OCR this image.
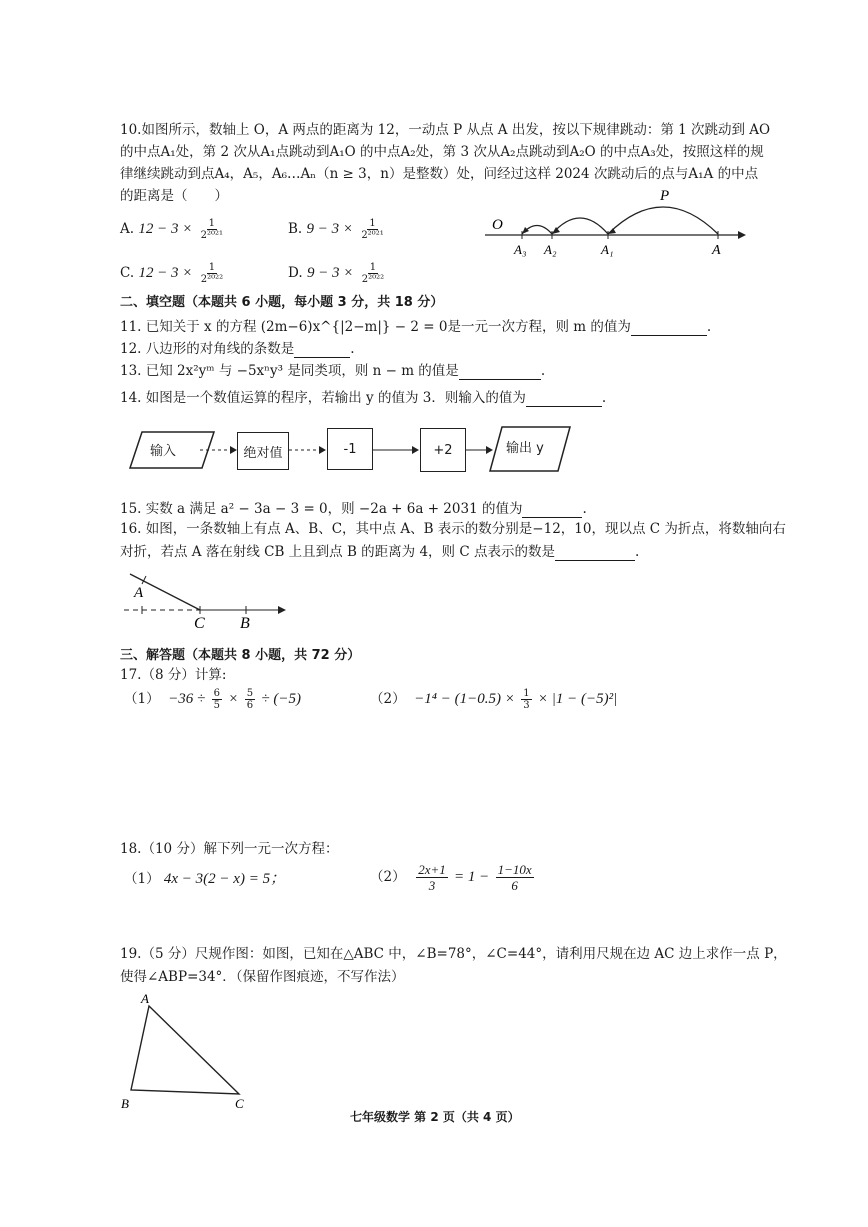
10.如图所示，数轴上 O，A 两点的距离为 12，一动点 P 从点 A 出发，按以下规律跳动：第 1 次跳动到 AO
的中点A₁处，第 2 次从A₁点跳动到A₁O 的中点A₂处，第 3 次从A₂点跳动到A₂O 的中点A₃处，按照这样的规
律继续跳动到点A₄，A₅，A₆…Aₙ（n ≥ 3，n）是整数）处，问经过这样 2024 次跳动后的点与A₁A 的中点
的距离是（　　）
A. $12 - 3 \times \frac{1}{\text{2²⁰²¹}}$	B. $9 - 3 \times \frac{1}{\text{2²⁰²¹}}$
C. $12 - 3 \times \frac{1}{\text{2²⁰²²}}$	D. $9 - 3 \times \frac{1}{\text{2²⁰²²}}$
O
P
A₃ A₂	A₁	A
二、填空题（本题共 6 小题，每小题 3 分，共 18 分）
11. 已知关于 x 的方程 (2m−6)x^{|2−m|} − 2 = 0是一元一次方程，则 m 的值为	.
12. 八边形的对角线的条数是	.
13. 已知 2x²yᵐ 与 −5xⁿy³ 是同类项，则 n − m 的值是	.
14. 如图是一个数值运算的程序，若输出 y 的值为 3．则输入的值为	.
输入	绝对值	-1	+2	输出 y
15. 实数 a 满足 a² − 3a − 3 = 0，则 −2a + 6a + 2031 的值为	.
16. 如图，一条数轴上有点 A、B、C，其中点 A、B 表示的数分别是−12，10，现以点 C 为折点，将数轴向右
对折，若点 A 落在射线 CB 上且到点 B 的距离为 4，则 C 点表示的数是	.
A
C B
三、解答题（本题共 8 小题，共 72 分）
17.（8 分）计算:
$(1) -36 \div \frac{6}{5} \times \frac{5}{6} \div (-5)$	$(2) -1^4 - (1-0.5) \times \frac{1}{3} \times |1 - (-5)^2|$
18.（10 分）解下列一元一次方程：
（1） 4x − 3(2 − x) = 5；	$(2) \frac{2x+1}{3} = 1 - \frac{1-10x}{6}$
19.（5 分）尺规作图：如图，已知在△ABC 中，∠B=78°，∠C=44°，请利用尺规在边 AC 边上求作一点 P，
使得∠ABP=34°．（保留作图痕迹，不写作法）
A
B	C
七年级数学 第 2 页（共 4 页）
